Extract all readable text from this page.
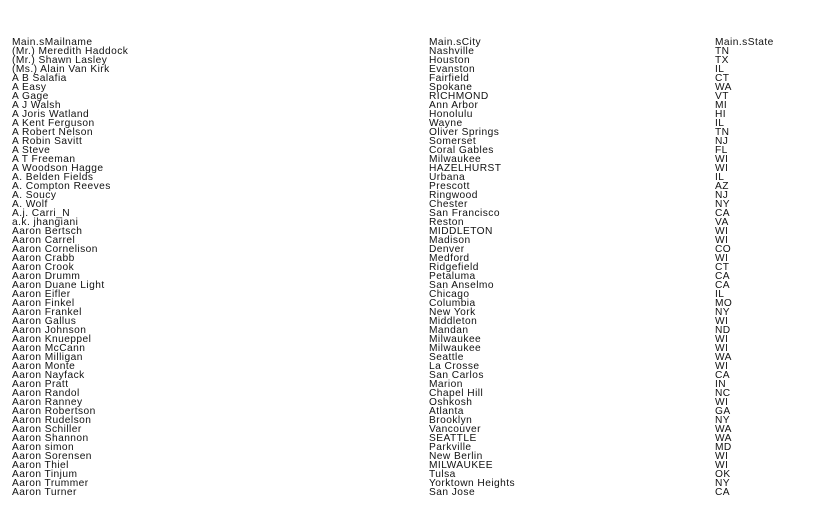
Main.sMailname	Main.sCity	Main.sState
(Mr.) Meredith Haddock	Nashville	TN
(Mr.) Shawn Lasley	Houston	TX
(Ms.) Alain Van Kirk	Evanston	IL
A B Salafia	Fairfield	CT
A Easy	Spokane	WA
A Gage	RICHMOND	VT
A J Walsh	Ann Arbor	MI
A Joris Watland	Honolulu	HI
A Kent Ferguson	Wayne	IL
A Robert Nelson	Oliver Springs	TN
A Robin Savitt	Somerset	NJ
A Steve	Coral Gables	FL
A T Freeman	Milwaukee	WI
A Woodson Hagge	HAZELHURST	WI
A. Belden Fields	Urbana	IL
A. Compton Reeves	Prescott	AZ
A. Soucy	Ringwood	NJ
A. Wolf	Chester	NY
A.j. Carri_N	San Francisco	CA
a.k. jhangiani	Reston	VA
Aaron Bertsch	MIDDLETON	WI
Aaron Carrel	Madison	WI
Aaron Cornelison	Denver	CO
Aaron Crabb	Medford	WI
Aaron Crook	Ridgefield	CT
Aaron Drumm	Petaluma	CA
Aaron Duane Light	San Anselmo	CA
Aaron Eifler	Chicago	IL
Aaron Finkel	Columbia	MO
Aaron Frankel	New York	NY
Aaron Gallus	Middleton	WI
Aaron Johnson	Mandan	ND
Aaron Knueppel	Milwaukee	WI
Aaron McCann	Milwaukee	WI
Aaron Milligan	Seattle	WA
Aaron Monte	La Crosse	WI
Aaron Nayfack	San Carlos	CA
Aaron Pratt	Marion	IN
Aaron Randol	Chapel Hill	NC
Aaron Ranney	Oshkosh	WI
Aaron Robertson	Atlanta	GA
Aaron Rudelson	Brooklyn	NY
Aaron Schiller	Vancouver	WA
Aaron Shannon	SEATTLE	WA
Aaron simon	Parkville	MD
Aaron Sorensen	New Berlin	WI
Aaron Thiel	MILWAUKEE	WI
Aaron Tinjum	Tulsa	OK
Aaron Trummer	Yorktown Heights	NY
Aaron Turner	San Jose	CA
